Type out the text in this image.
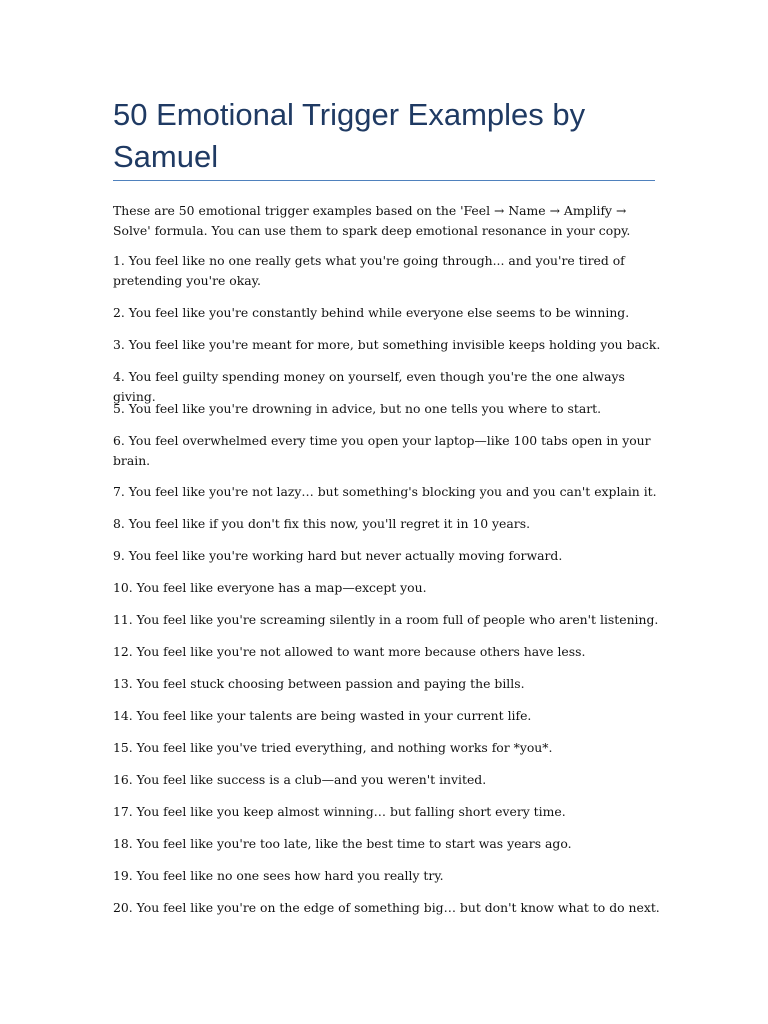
50 Emotional Trigger Examples by Samuel

These are 50 emotional trigger examples based on the 'Feel → Name → Amplify → Solve' formula. You can use them to spark deep emotional resonance in your copy.

1. You feel like no one really gets what you're going through... and you're tired of pretending you're okay.

2. You feel like you're constantly behind while everyone else seems to be winning.

3. You feel like you're meant for more, but something invisible keeps holding you back.

4. You feel guilty spending money on yourself, even though you're the one always giving.

5. You feel like you're drowning in advice, but no one tells you where to start.

6. You feel overwhelmed every time you open your laptop—like 100 tabs open in your brain.

7. You feel like you're not lazy… but something's blocking you and you can't explain it.

8. You feel like if you don't fix this now, you'll regret it in 10 years.

9. You feel like you're working hard but never actually moving forward.

10. You feel like everyone has a map—except you.

11. You feel like you're screaming silently in a room full of people who aren't listening.

12. You feel like you're not allowed to want more because others have less.

13. You feel stuck choosing between passion and paying the bills.

14. You feel like your talents are being wasted in your current life.

15. You feel like you've tried everything, and nothing works for *you*.

16. You feel like success is a club—and you weren't invited.

17. You feel like you keep almost winning… but falling short every time.

18. You feel like you're too late, like the best time to start was years ago.

19. You feel like no one sees how hard you really try.

20. You feel like you're on the edge of something big… but don't know what to do next.
